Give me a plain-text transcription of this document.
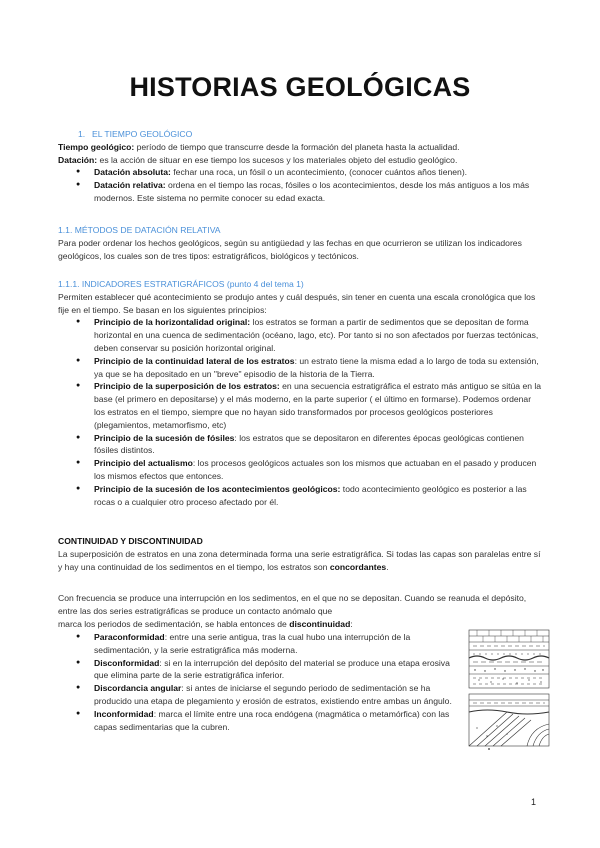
HISTORIAS GEOLÓGICAS
1. EL TIEMPO GEOLÓGICO
Tiempo geológico: período de tiempo que transcurre desde la formación del planeta hasta la actualidad.
Datación: es la acción de situar en ese tiempo los sucesos y los materiales objeto del estudio geológico.
● Datación absoluta: fechar una roca, un fósil o un acontecimiento, (conocer cuántos años tienen).
● Datación relativa: ordena en el tiempo las rocas, fósiles o los acontecimientos, desde los más antiguos a los más modernos. Este sistema no permite conocer su edad exacta.
1.1. MÉTODOS DE DATACIÓN RELATIVA
Para poder ordenar los hechos geológicos, según su antigüedad y las fechas en que ocurrieron se utilizan los indicadores geológicos, los cuales son de tres tipos: estratigráficos, biológicos y tectónicos.
1.1.1. INDICADORES ESTRATIGRÁFICOS (punto 4 del tema 1)
Permiten establecer qué acontecimiento se produjo antes y cuál después, sin tener en cuenta una escala cronológica que los fije en el tiempo. Se basan en los siguientes principios:
● Principio de la horizontalidad original: los estratos se forman a partir de sedimentos que se depositan de forma horizontal en una cuenca de sedimentación (océano, lago, etc). Por tanto si no son afectados por fuerzas tectónicas, deben conservar su posición horizontal original.
● Principio de la continuidad lateral de los estratos: un estrato tiene la misma edad a lo largo de toda su extensión, ya que se ha depositado en un "breve" episodio de la historia de la Tierra.
● Principio de la superposición de los estratos: en una secuencia estratigráfica el estrato más antiguo se sitúa en la base (el primero en depositarse) y el más moderno, en la parte superior ( el último en formarse). Podemos ordenar los estratos en el tiempo, siempre que no hayan sido transformados por procesos geológicos posteriores (plegamientos, metamorfismo, etc)
● Principio de la sucesión de fósiles: los estratos que se depositaron en diferentes épocas geológicas contienen fósiles distintos.
● Principio del actualismo: los procesos geológicos actuales son los mismos que actuaban en el pasado y producen los mismos efectos que entonces.
● Principio de la sucesión de los acontecimientos geológicos: todo acontecimiento geológico es posterior a las rocas o a cualquier otro proceso afectado por él.
CONTINUIDAD Y DISCONTINUIDAD
La superposición de estratos en una zona determinada forma una serie estratigráfica. Si todas las capas son paralelas entre sí y hay una continuidad de los sedimentos en el tiempo, los estratos son concordantes.
Con frecuencia se produce una interrupción en los sedimentos, en el que no se depositan. Cuando se reanuda el depósito, entre las dos series estratigráficas se produce un contacto anómalo que
marca los periodos de sedimentación, se habla entonces de discontinuidad:
● Paraconformidad: entre una serie antigua, tras la cual hubo una interrupción de la sedimentación, y la serie estratigráfica más moderna.
● Disconformidad: si en la interrupción del depósito del material se produce una etapa erosiva que elimina parte de la serie estratigráfica inferior.
● Discordancia angular: si antes de iniciarse el segundo periodo de sedimentación se ha producido una etapa de plegamiento y erosión de estratos, existiendo entre ambas un ángulo.
● Inconformidad: marca el límite entre una roca endógena (magmática o metamórfica) con las capas sedimentarias que la cubren.
1
